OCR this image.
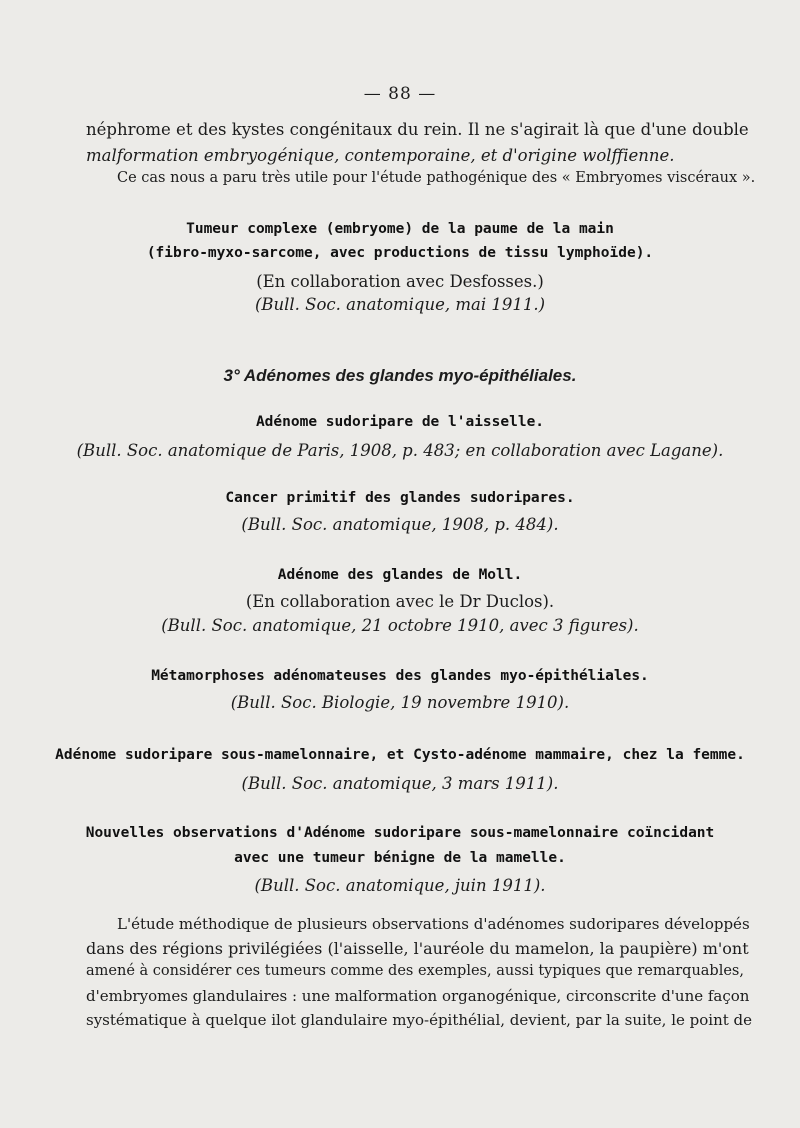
— 88 —
néphrome et des kystes congénitaux du rein. Il ne s'agirait là que d'une double
malformation embryogénique, contemporaine, et d'origine wolffienne.
Ce cas nous a paru très utile pour l'étude pathogénique des « Embryomes viscéraux ».
Tumeur complexe (embryome) de la paume de la main
(fibro-myxo-sarcome, avec productions de tissu lymphoïde).
(En collaboration avec Desfosses.)
(Bull. Soc. anatomique, mai 1911.)
3° Adénomes des glandes myo-épithéliales.
Adénome sudoripare de l'aisselle.
(Bull. Soc. anatomique de Paris, 1908, p. 483; en collaboration avec Lagane).
Cancer primitif des glandes sudoripares.
(Bull. Soc. anatomique, 1908, p. 484).
Adénome des glandes de Moll.
(En collaboration avec le Dr Duclos).
(Bull. Soc. anatomique, 21 octobre 1910, avec 3 figures).
Métamorphoses adénomateuses des glandes myo-épithéliales.
(Bull. Soc. Biologie, 19 novembre 1910).
Adénome sudoripare sous-mamelonnaire, et Cysto-adénome mammaire, chez la femme.
(Bull. Soc. anatomique, 3 mars 1911).
Nouvelles observations d'Adénome sudoripare sous-mamelonnaire coïncidant
avec une tumeur bénigne de la mamelle.
(Bull. Soc. anatomique, juin 1911).
L'étude méthodique de plusieurs observations d'adénomes sudoripares développés
dans des régions privilégiées (l'aisselle, l'auréole du mamelon, la paupière) m'ont
amené à considérer ces tumeurs comme des exemples, aussi typiques que remarquables,
d'embryomes glandulaires : une malformation organogénique, circonscrite d'une façon
systématique à quelque ilot glandulaire myo-épithélial, devient, par la suite, le point de
